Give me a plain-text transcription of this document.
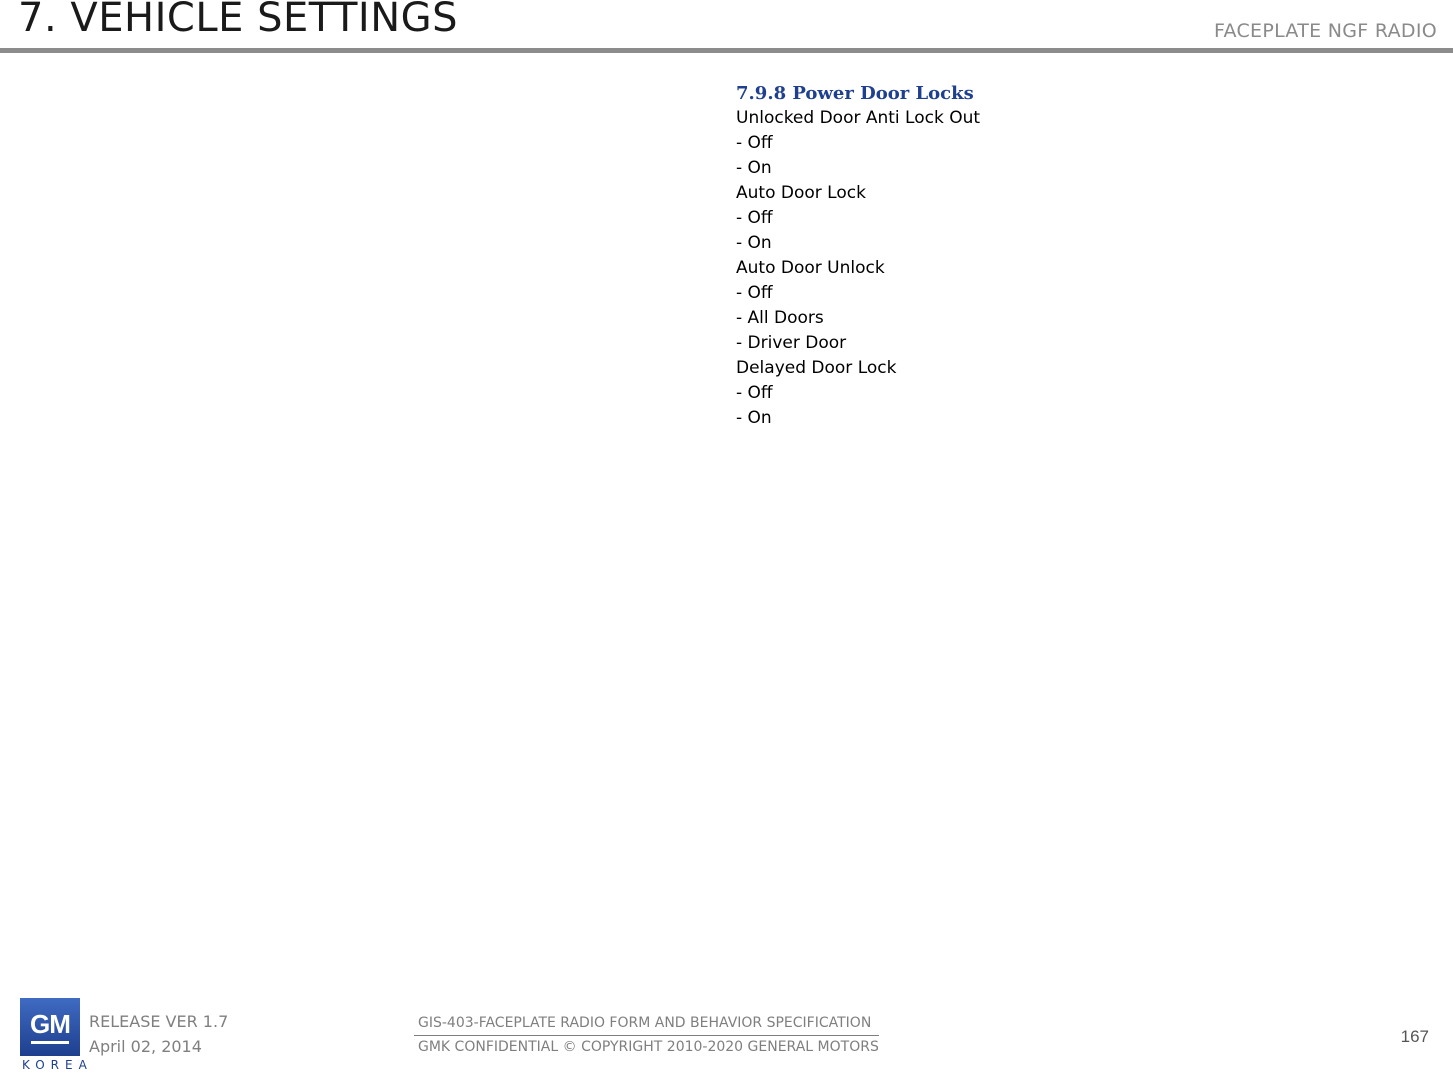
7. VEHICLE SETTINGS	FACEPLATE NGF RADIO
7.9.8 Power Door Locks
Unlocked Door Anti Lock Out
- Off
- On
Auto Door Lock
- Off
- On
Auto Door Unlock
- Off
- All Doors
- Driver Door
Delayed Door Lock
- Off
- On
GM
KOREA
RELEASE VER 1.7
April 02, 2014
GIS-403-FACEPLATE RADIO FORM AND BEHAVIOR SPECIFICATION
GMK CONFIDENTIAL © COPYRIGHT 2010-2020 GENERAL MOTORS
167
